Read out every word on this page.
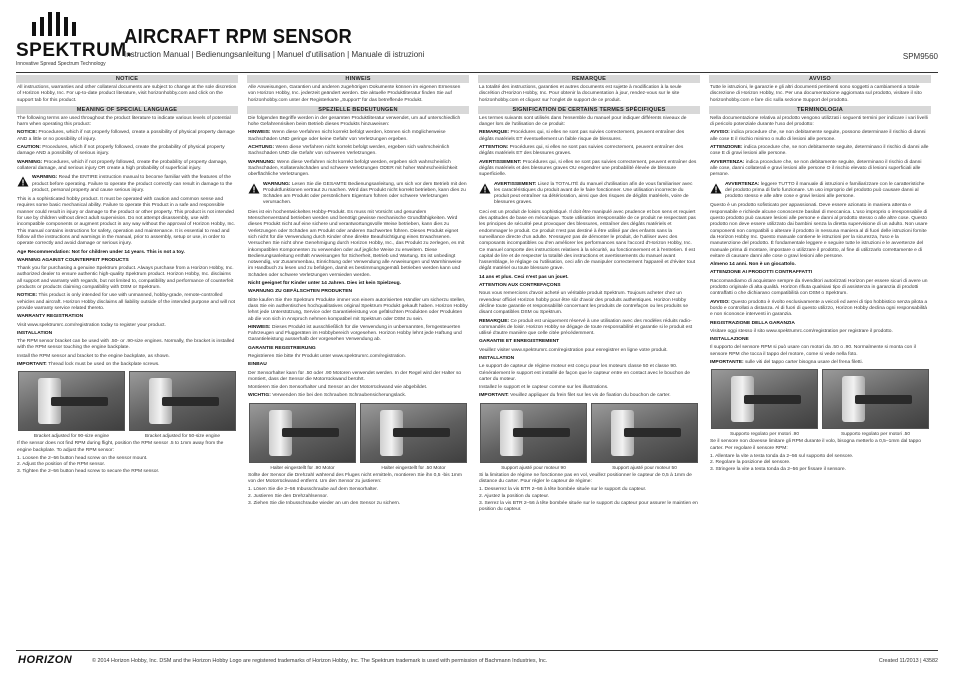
SPEKTRUM.
Innovative Spread Spectrum Technology
AIRCRAFT RPM SENSOR
Instruction Manual | Bedienungsanleitung | Manuel d'utilisation | Manuale di istruzioni	SPM9560
NOTICE
All instructions, warranties and other collateral documents are subject to change at the sole discretion of Horizon Hobby, Inc. For up-to-date product literature, visit horizonhobby.com and click on the support tab for this product.
MEANING OF SPECIAL LANGUAGE
The following terms are used throughout the product literature to indicate various levels of potential harm when operating this product:
NOTICE: Procedures, which if not properly followed, create a possibility of physical property damage AND a little or no possibility of injury.
CAUTION: Procedures, which if not properly followed, create the probability of physical property damage AND a possibility of serious injury.
WARNING: Procedures, which if not properly followed, create the probability of property damage, collateral damage, and serious injury OR create a high probability of superficial injury.
WARNING: Read the ENTIRE instruction manual to become familiar with the features of the product before operating. Failure to operate the product correctly can result in damage to the product, personal property and cause serious injury.
This is a sophisticated hobby product. It must be operated with caution and common sense and requires some basic mechanical ability. Failure to operate this Product in a safe and responsible manner could result in injury or damage to the product or other property. This product is not intended for use by children without direct adult supervision. Do not attempt disassembly, use with incompatible components or augment product in any way without the approval of Horizon Hobby, Inc. This manual contains instructions for safety, operation and maintenance. It is essential to read and follow all the instructions and warnings in the manual, prior to assembly, setup or use, in order to operate correctly and avoid damage or serious injury.
Age Recommendation: Not for children under 14 years. This is not a toy.
WARNING AGAINST COUNTERFEIT PRODUCTS
Thank you for purchasing a genuine Spektrum product. Always purchase from a Horizon Hobby, Inc. authorized dealer to ensure authentic high-quality Spektrum product. Horizon Hobby, Inc. disclaims all support and warranty with regards, but not limited to, compatibility and performance of counterfeit products or products claiming compatibility with DSM or Spektrum.
NOTICE: This product is only intended for use with unmanned, hobby-grade, remote-controlled vehicles and aircraft. Horizon Hobby disclaims all liability outside of the intended purpose and will not provide warranty service related thereto.
WARRANTY REGISTRATION
Visit www.spektrumrc.com/registration today to register your product.
INSTALLATION
The RPM sensor bracket can be used with .50- or .90-size engines. Normally, the bracket is installed with the RPM sensor touching the engine backplate.
Install the RPM sensor and bracket to the engine backplate, as shown.
IMPORTANT: Thread lock must be used on the backplate screws.
Bracket adjusted for 90-size engine	Bracket adjusted for 50-size engine
If the sensor does not find RPM during flight, position the RPM sensor .5 to 1mm away from the engine backplate. To adjust the RPM sensor:
1. Loosen the 2–56 button head screw on the sensor mount.
2. Adjust the position of the RPM sensor.
3. Tighten the 2–56 button head screw to secure the RPM sensor.
HINWEIS
Alle Anweisungen, Garantien und anderen zugehörigen Dokumente können im eigenen Ermessen von Horizon Hobby, Inc. jederzeit geändert werden. Die aktuelle Produktliteratur finden Sie auf horizonhobby.com unter der Registerkarte „Support“ für das betreffende Produkt.
SPEZIELLE BEDEUTUNGEN
Die folgenden Begriffe werden in der gesamten Produktliteratur verwendet, um auf unterschiedlich hohe Gefahrenrisiken beim Betrieb dieses Produkts hinzuweisen:
HINWEIS: Wenn diese Verfahren nicht korrekt befolgt werden, können sich möglicherweise Sachschäden UND geringe oder keine Gefahr von Verletzungen ergeben.
ACHTUNG: Wenn diese Verfahren nicht korrekt befolgt werden, ergeben sich wahrscheinlich Sachschäden UND die Gefahr von schweren Verletzungen.
WARNUNG: Wenn diese Verfahren nicht korrekt befolgt werden, ergeben sich wahrscheinlich Sachschäden, Kollateralschäden und schwere Verletzungen ODER mit hoher Wahrscheinlichkeit oberflächliche Verletzungen.
WARNUNG: Lesen Sie die GESAMTE Bedienungsanleitung, um sich vor dem Betrieb mit den Produktfunktionen vertraut zu machen. Wird das Produkt nicht korrekt betrieben, kann dies zu Schäden am Produkt oder persönlichem Eigentum führen oder schwere Verletzungen verursachen.
Dies ist ein hochentwickeltes Hobby-Produkt. Es muss mit Vorsicht und gesundem Menschenverstand betrieben werden und benötigt gewisse mechanische Grundfähigkeiten. Wird dieses Produkt nicht auf eine sichere und verantwortungsvolle Weise betrieben, kann dies zu Verletzungen oder Schäden am Produkt oder anderen Sachwerten führen. Dieses Produkt eignet sich nicht für die Verwendung durch Kinder ohne direkte Beaufsichtigung eines Erwachsenen. Versuchen Sie nicht ohne Genehmigung durch Horizon Hobby, Inc., das Produkt zu zerlegen, es mit inkompatiblen Komponenten zu verwenden oder auf jegliche Weise zu erweitern. Diese Bedienungsanleitung enthält Anweisungen für Sicherheit, Betrieb und Wartung. Es ist unbedingt notwendig, vor Zusammenbau, Einrichtung oder Verwendung alle Anweisungen und Warnhinweise im Handbuch zu lesen und zu befolgen, damit es bestimmungsgemäß betrieben werden kann und Schäden oder schwere Verletzungen vermieden werden.
Nicht geeignet für Kinder unter 14 Jahren. Dies ist kein Spielzeug.
WARNUNG ZU GEFÄLSCHTEN PRODUKTEN
Bitte kaufen Sie Ihre Spektrum Produkte immer von einem autorisierten Händler um sicherzu stellen, dass Sie ein authentisches hochqualitatives original Spektrum Produkt gekauft haben. Horizon Hobby lehnt jede Unterstützung, Service oder Garantieleistung von gefälschten Produkten oder Produkten ab die von sich in Anspruch nehmen kompatibel mit Spektrum oder DSM zu sein.
HINWEIS: Dieses Produkt ist ausschließlich für die Verwendung in unbemannten, ferngesteuerten Fahrzeugen und Fluggeräten im Hobbybereich vorgesehen. Horizon Hobby lehnt jede Haftung und Garantieleistung ausserhalb der vorgesehen Verwendung ab.
GARANTIE REGISTRIERUNG
Registrieren Sie bitte Ihr Produkt unter www.spektrumrc.com/registration.
EINBAU
Der Sensorhalter kann für .50 oder .90 Motoren verwendet werden. In der Regel wird der Halter so montiert, dass der Sensor die Motorrückwand berührt.
Montieren Sie den Sensorhalter und Sensor an der Motorrückwand wie abgebildet.
WICHTIG: Verwenden Sie bei den Schrauben Schraubensicherungslack.
Halter eingestellt für .90 Motor	Halter eingestellt für .50 Motor
Sollte der Sensor die Drehzahl während des Fluges nicht ermitteln, montieren Sie ihn 0,5 -bis 1mm von der Motorrückwand entfernt. Um den Sensor zu justieren:
1. Lösen Sie die 2–56 Inbusschraube auf dem Sensorhalter.
2. Justieren Sie den Drehzahlsensor.
3. Ziehen Sie die Inbusschraube wieder an um den Sensor zu sichern.
REMARQUE
La totalité des instructions, garanties et autres documents est sujette à modification à la seule discrétion d'Horizon Hobby, Inc. Pour obtenir la documentation à jour, rendez-vous sur le site horizonhobby.com et cliquez sur l'onglet de support de ce produit.
SIGNIFICATION DE CERTAINS TERMES SPÉCIFIQUES
Les termes suivants sont utilisés dans l'ensemble du manuel pour indiquer différents niveaux de danger lors de l'utilisation de ce produit:
REMARQUE: Procédures qui, si elles ne sont pas suivies correctement, peuvent entraîner des dégâts matériels ET éventuellement un faible risque de blessures.
ATTENTION: Procédures qui, si elles ne sont pas suivies correctement, peuvent entraîner des dégâts matériels ET des blessures graves.
AVERTISSEMENT: Procédures qui, si elles ne sont pas suivies correctement, peuvent entraîner des dégâts matériels et des blessures graves OU engendrer une probabilité élevée de blessure superficielle.
AVERTISSEMENT: Lisez la TOTALITÉ du manuel d'utilisation afin de vous familiariser avec les caractéristiques du produit avant de le faire fonctionner. Une utilisation incorrecte du produit peut entraîner sa détérioration, ainsi que des risques de dégâts matériels, voire de blessures graves.
Ceci est un produit de loisirs sophistiqué. Il doit être manipulé avec prudence et bon sens et requiert des aptitudes de base en mécanique. Toute utilisation irresponsable de ce produit ne respectant pas les principes de sécurité peut provoquer des blessures, entraîner des dégâts matériels et endommager le produit. Ce produit n'est pas destiné à être utilisé par des enfants sans la surveillance directe d'un adulte. N'essayez pas de démonter le produit, de l'utiliser avec des composants incompatibles ou d'en améliorer les performances sans l'accord d'Horizon Hobby, Inc. Ce manuel comporte des instructions relatives à la sécurité, au fonctionnement et à l'entretien. Il est capital de lire et de respecter la totalité des instructions et avertissements du manuel avant l'assemblage, le réglage ou l'utilisation, ceci afin de manipuler correctement l'appareil et d'éviter tout dégât matériel ou toute blessure grave.
14 ans et plus. Ceci n'est pas un jouet.
ATTENTION AUX CONTREFAÇONS
Nous vous remercions d'avoir acheté un véritable produit Spektrum. Toujours acheter chez un revendeur officiel Horizon hobby pour être sûr d'avoir des produits authentiques. Horizon Hobby décline toute garantie et responsabilité concernant les produits de contrefaçon ou les produits se disant compatibles DSM ou Spektrum.
REMARQUE: Ce produit est uniquement réservé à une utilisation avec des modèles réduits radio-commandés de loisir. Horizon Hobby se dégage de toute responsabilité et garantie si le produit est utilisé d'autre manière que celle citée précédemment.
GARANTIE ET ENREGISTREMENT
Veuillez visiter www.spektrumrc.com/registration pour enregistrer en ligne votre produit.
INSTALLATION
Le support de capteur de régime moteur est conçu pour les moteurs classe 50 et classe 90. Généralement le support est installé de façon que le capteur entre en contact avec le bouchon de carter du moteur.
Installez le support et le capteur comme sur les illustrations.
IMPORTANT: Veuillez appliquer du frein filet sur les vis de fixation du bouchon de carter.
Support ajusté pour moteur 90	Support ajusté pour moteur 50
Si la limitation de régime ne fonctionne pas en vol, veuillez positionner le capteur de 0,5 à 1mm de distance du carter. Pour régler le capteur de régime:
1. Desserrez la vis BTR 2–56 à tête bombée située sur le support du capteur.
2. Ajustez la position du capteur.
3. Serrez la vis BTR 2–56 à tête bombée située sur le support du capteur pour assurer le maintien en position du capteur.
AVVISO
Tutte le istruzioni, le garanzie e gli altri documenti pertinenti sono soggetti a cambiamenti a totale discrezione di Horizon Hobby, Inc. Per una documentazione aggiornata sul prodotto, visitare il sito horizonhobby.com e fare clic sulla sezione Support del prodotto.
TERMINOLOGIA
Nella documentazione relativa al prodotto vengono utilizzati i seguenti termini per indicare i vari livelli di pericolo potenziale durante l'uso del prodotto:
AVVISO: indica procedure che, se non debitamente seguite, possono determinare il rischio di danni alle cose E il rischio minimo o nullo di lesioni alle persone.
ATTENZIONE: indica procedure che, se non debitamente seguite, determinano il rischio di danni alle cose E di gravi lesioni alle persone.
AVVERTENZA: indica procedure che, se non debitamente seguite, determinano il rischio di danni alle cose, danni collaterali e gravi lesioni alle persone O il rischio elevato di lesioni superficiali alle persone.
AVVERTENZA: leggere TUTTO il manuale di istruzioni e familiarizzare con le caratteristiche del prodotto prima di farlo funzionare. Un uso improprio del prodotto può causare danni al prodotto stesso e alle altre cose e gravi lesioni alle persone.
Questo è un prodotto sofisticato per appassionati. Deve essere azionato in maniera attenta e responsabile e richiede alcune conoscenze basilari di meccanica. L'uso improprio o irresponsabile di questo prodotto può causare lesioni alle persone e danni al prodotto stesso o alle altre cose. Questo prodotto non deve essere utilizzato dai bambini senza la diretta supervisione di un adulto. Non usare componenti non compatibili o alterare il prodotto in nessuna maniera al di fuori delle istruzioni fornite da Horizon Hobby Inc. Questo manuale contiene le istruzioni per la sicurezza, l'uso e la manutenzione del prodotto. È fondamentale leggere e seguire tutte le istruzioni e le avvertenze del manuale prima di montare, impostare o utilizzare il prodotto, al fine di utilizzarlo correttamente e di evitare di causare danni alle cose o gravi lesioni alle persone.
Almeno 14 anni. Non è un giocattolo.
ATTENZIONE AI PRODOTTI CONTRAFFATTI
Raccomandiamo di acquistare sempre da rivenditori autorizzati Horizon per essere sicuri di avere un prodotto originale di alta qualità. Horizon rifiuta qualsiasi tipo di assistenza in garanzia di prodotti contraffatti o che dichiarano compatibilità con DSM o Spektrum.
AVVISO: Questo prodotto è rivolto esclusivamente a veicoli ed aerei di tipo hobbistico senza pilota a bordo e controllati a distanza. Al di fuori di questo utilizzo, Horizon Hobby declina ogni responsabilità e non riconosce interventi in garanzia.
REGISTRAZIONE DELLA GARANZIA
Visitare oggi stesso il sito www.spektrumrc.com/registration per registrare il prodotto.
INSTALLAZIONE
Il supporto del sensore RPM si può usare con motori da .50 o .90. Normalmente si monta con il sensore RPM che tocca il tappo del motore, come si vede nella foto.
IMPORTANTE: sulle viti del tappo carter bisogna usare del frena filetti.
Supporto regolato per motori .90	Supporto regolato per motori .50
Se il sensore non dovesse limitare gli RPM durante il volo, bisogna metterlo a 0,5–1mm dal tappo carter. Per regolare il sensore RPM:
1. Allentare la vite a testa tonda da 2–56 sul supporto del sensore.
2. Regolare la posizione del sensore.
3. Stringere la vite a testa tonda da 2–56 per fissare il sensore.
HORIZON	© 2014 Horizon Hobby, Inc. DSM and the Horizon Hobby Logo are registered trademarks of Horizon Hobby, Inc. The Spektrum trademark is used with permission of Bachmann Industries, Inc.	Created 11/2013 | 43582
